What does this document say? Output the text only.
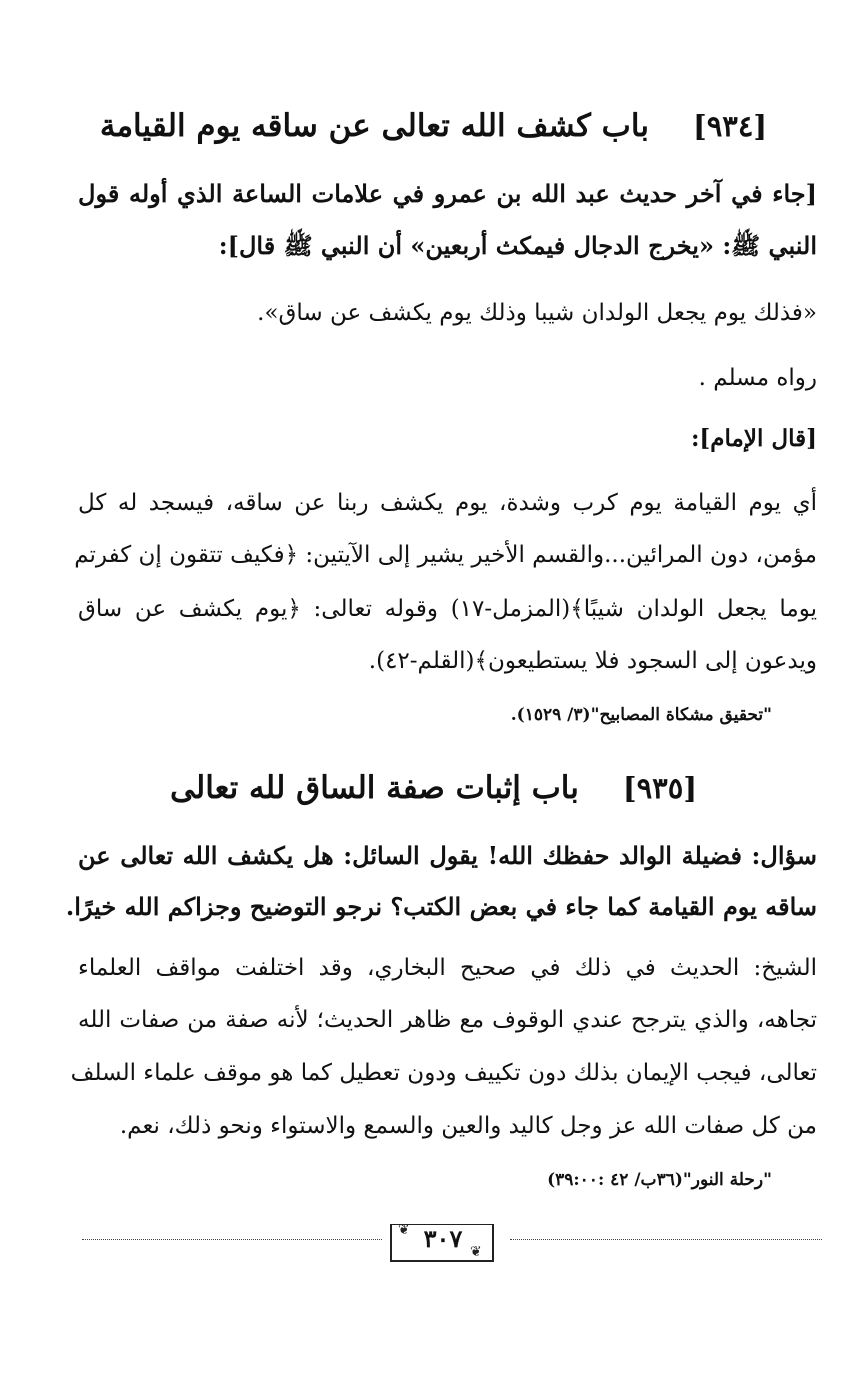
[٩٣٤]باب كشف الله تعالى عن ساقه يوم القيامة
[جاء في آخر حديث عبد الله بن عمرو في علامات الساعة الذي أوله قول
النبي ﷺ: «يخرج الدجال فيمكث أربعين» أن النبي ﷺ قال]:
«فذلك يوم يجعل الولدان شيبا وذلك يوم يكشف عن ساق».
رواه مسلم .
[قال الإمام]:
أي يوم القيامة يوم كرب وشدة، يوم يكشف ربنا عن ساقه، فيسجد له كل
مؤمن، دون المرائين...والقسم الأخير يشير إلى الآيتين: ﴿فكيف تتقون إن كفرتم
يوما يجعل الولدان شيبًا﴾(المزمل-١٧) وقوله تعالى: ﴿يوم يكشف عن ساق
ويدعون إلى السجود فلا يستطيعون﴾(القلم-٤٢).
"تحقيق مشكاة المصابيح"(٣/ ١٥٢٩).
[٩٣٥]باب إثبات صفة الساق لله تعالى
سؤال: فضيلة الوالد حفظك الله! يقول السائل: هل يكشف الله تعالى عن
ساقه يوم القيامة كما جاء في بعض الكتب؟ نرجو التوضيح وجزاكم الله خيرًا.
الشيخ: الحديث في ذلك في صحيح البخاري، وقد اختلفت مواقف العلماء
تجاهه، والذي يترجح عندي الوقوف مع ظاهر الحديث؛ لأنه صفة من صفات الله
تعالى، فيجب الإيمان بذلك دون تكييف ودون تعطيل كما هو موقف علماء السلف
من كل صفات الله عز وجل كاليد والعين والسمع والاستواء ونحو ذلك، نعم.
"رحلة النور"(٣٦ب/ ٤٢ :٣٩:٠٠)
❦
❦
٣٠٧
